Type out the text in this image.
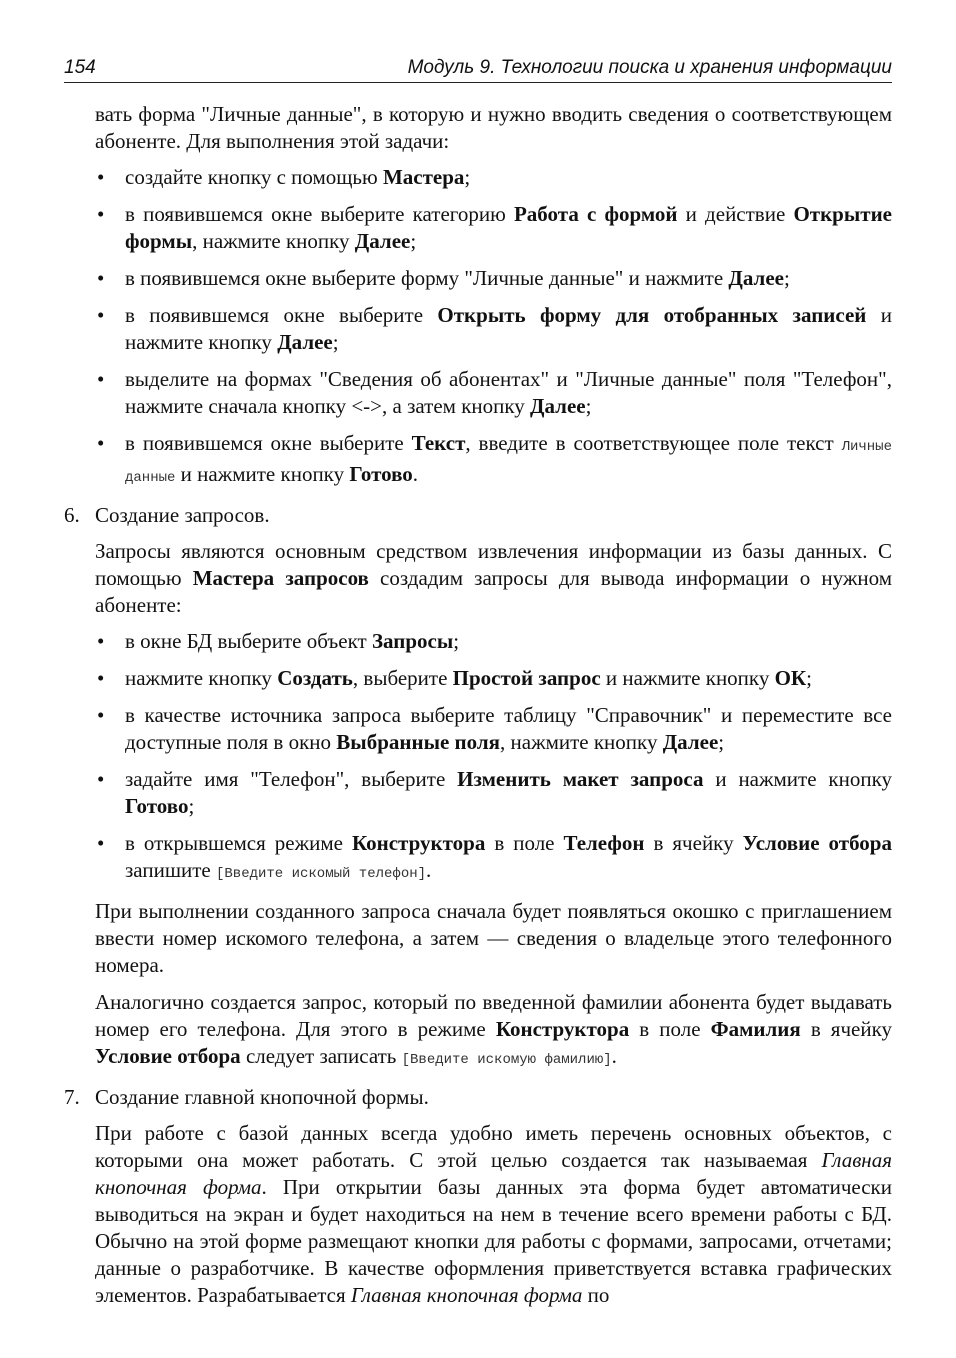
154	Модуль 9. Технологии поиска и хранения информации

вать форма "Личные данные", в которую и нужно вводить сведения о соответствующем абоненте. Для выполнения этой задачи:

• создайте кнопку с помощью Мастера;

• в появившемся окне выберите категорию Работа с формой и действие Открытие формы, нажмите кнопку Далее;

• в появившемся окне выберите форму "Личные данные" и нажмите Далее;

• в появившемся окне выберите Открыть форму для отобранных записей и нажмите кнопку Далее;

• выделите на формах "Сведения об абонентах" и "Личные данные" поля "Телефон", нажмите сначала кнопку <->, а затем кнопку Далее;

• в появившемся окне выберите Текст, введите в соответствующее поле текст Личные данные и нажмите кнопку Готово.

6. Создание запросов.

Запросы являются основным средством извлечения информации из базы данных. С помощью Мастера запросов создадим запросы для вывода информации о нужном абоненте:

• в окне БД выберите объект Запросы;

• нажмите кнопку Создать, выберите Простой запрос и нажмите кнопку ОК;

• в качестве источника запроса выберите таблицу "Справочник" и переместите все доступные поля в окно Выбранные поля, нажмите кнопку Далее;

• задайте имя "Телефон", выберите Изменить макет запроса и нажмите кнопку Готово;

• в открывшемся режиме Конструктора в поле Телефон в ячейку Условие отбора запишите [Введите искомый телефон].

При выполнении созданного запроса сначала будет появляться окошко с приглашением ввести номер искомого телефона, а затем — сведения о владельце этого телефонного номера.

Аналогично создается запрос, который по введенной фамилии абонента будет выдавать номер его телефона. Для этого в режиме Конструктора в поле Фамилия в ячейку Условие отбора следует записать [Введите искомую фамилию].

7. Создание главной кнопочной формы.

При работе с базой данных всегда удобно иметь перечень основных объектов, с которыми она может работать. С этой целью создается так называемая Главная кнопочная форма. При открытии базы данных эта форма будет автоматически выводиться на экран и будет находиться на нем в течение всего времени работы с БД. Обычно на этой форме размещают кнопки для работы с формами, запросами, отчетами; данные о разработчике. В качестве оформления приветствуется вставка графических элементов. Разрабатывается Главная кнопочная форма по
